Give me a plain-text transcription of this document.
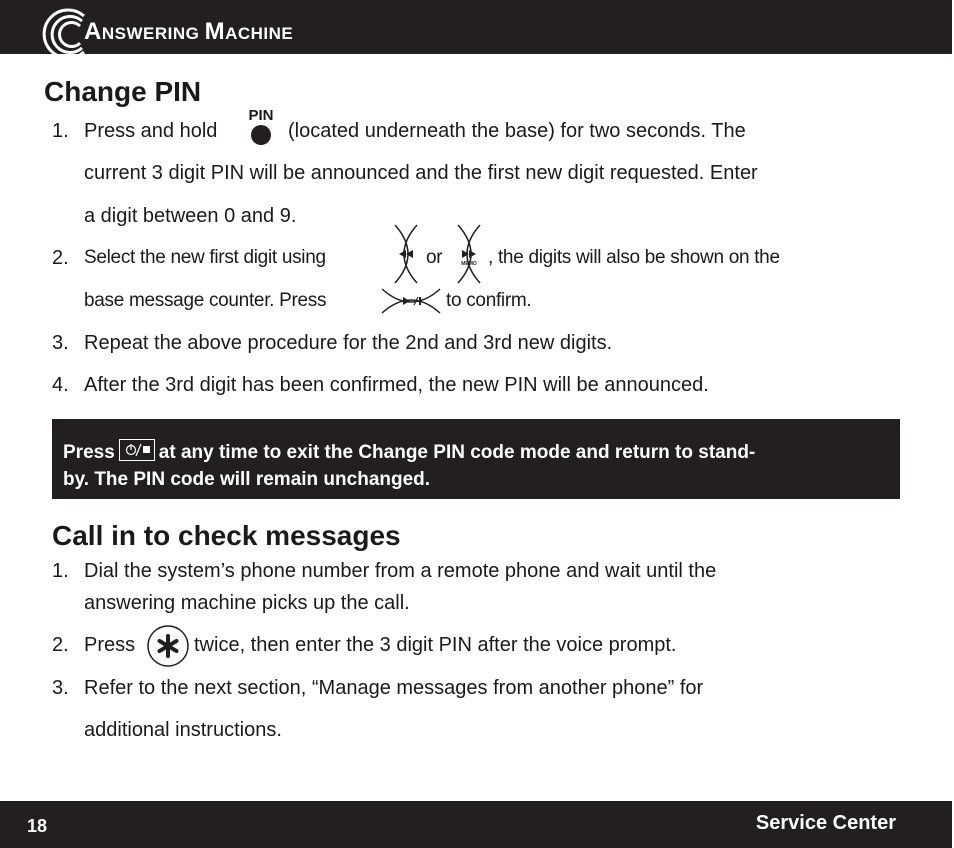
ANSWERING MACHINE
Change PIN
1. Press and hold
PIN
(located underneath the base) for two seconds. The
current 3 digit PIN will be announced and the first new digit requested. Enter
a digit between 0 and 9.
2. Select the new first digit using	or	MEMO , the digits will also be shown on the
base message counter. Press	to confirm.
3. Repeat the above procedure for the 2nd and 3rd new digits.
4. After the 3rd digit has been confirmed, the new PIN will be announced.
Press at any time to exit the Change PIN code mode and return to stand-
by. The PIN code will remain unchanged.
Call in to check messages
1. Dial the system’s phone number from a remote phone and wait until the
answering machine picks up the call.
2. Press	twice, then enter the 3 digit PIN after the voice prompt.
3. Refer to the next section, “Manage messages from another phone” for
additional instructions.
18	Service Center
